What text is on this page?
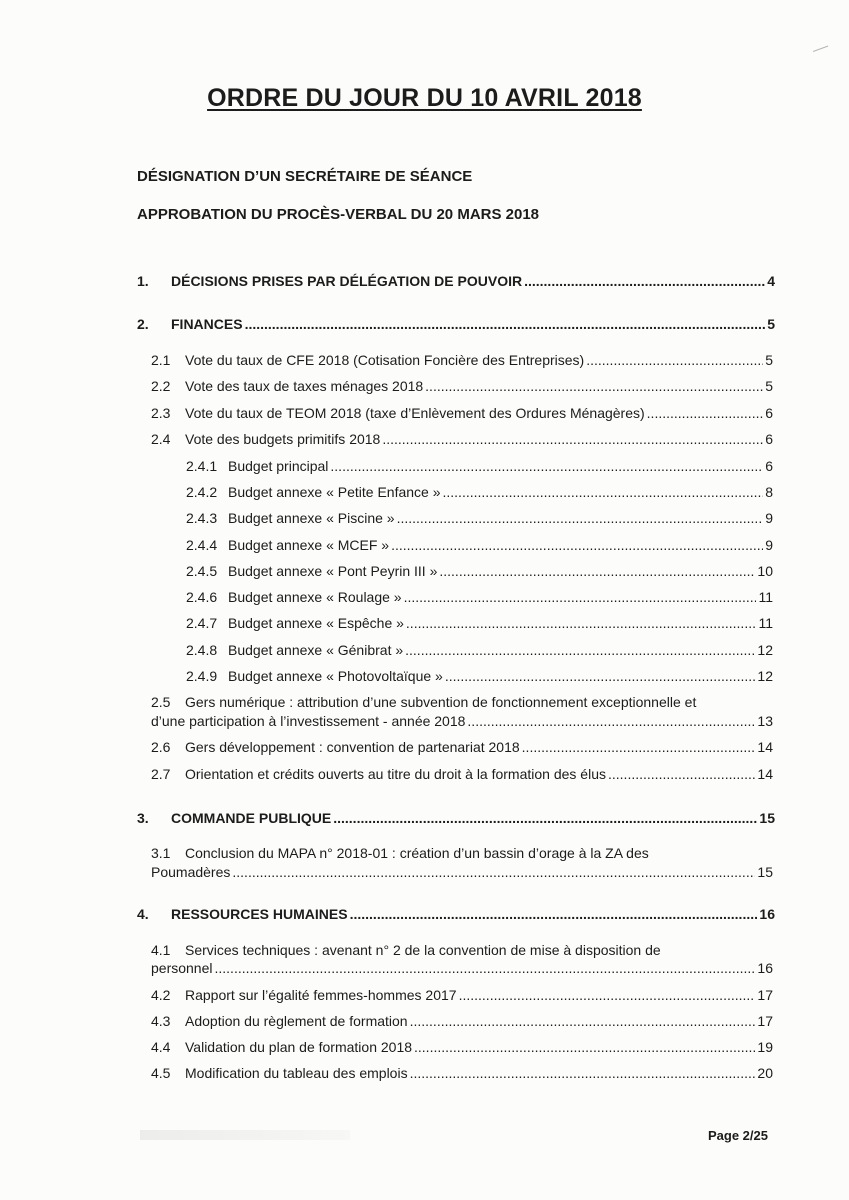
ORDRE DU JOUR DU 10 AVRIL 2018
DÉSIGNATION D’UN SECRÉTAIRE DE SÉANCE
APPROBATION DU PROCÈS-VERBAL DU 20 MARS 2018
1.	DÉCISIONS PRISES PAR DÉLÉGATION DE POUVOIR .....	4
2.	FINANCES .....	5
2.1	Vote du taux de CFE 2018 (Cotisation Foncière des Entreprises) .....	5
2.2	Vote des taux de taxes ménages 2018 .....	5
2.3	Vote du taux de TEOM 2018 (taxe d’Enlèvement des Ordures Ménagères) .....	6
2.4	Vote des budgets primitifs 2018 .....	6
2.4.1 Budget principal .....	6
2.4.2 Budget annexe « Petite Enfance » .....	8
2.4.3 Budget annexe « Piscine » .....	9
2.4.4 Budget annexe « MCEF » .....	9
2.4.5 Budget annexe « Pont Peyrin III » .....	10
2.4.6 Budget annexe « Roulage » .....	11
2.4.7 Budget annexe « Espêche » .....	11
2.4.8 Budget annexe « Génibrat » .....	12
2.4.9 Budget annexe « Photovoltaïque » .....	12
2.5 Gers numérique : attribution d’une subvention de fonctionnement exceptionnelle et
d’une participation à l’investissement - année 2018 .....	13
2.6	Gers développement : convention de partenariat 2018 .....	14
2.7	Orientation et crédits ouverts au titre du droit à la formation des élus .....	14
3.	COMMANDE PUBLIQUE .....	15
3.1 Conclusion du MAPA n° 2018-01 : création d’un bassin d’orage à la ZA des
Poumadères .....	15
4.	RESSOURCES HUMAINES .....	16
4.1 Services techniques : avenant n° 2 de la convention de mise à disposition de
personnel .....	16
4.2	Rapport sur l’égalité femmes-hommes 2017 .....	17
4.3	Adoption du règlement de formation .....	17
4.4	Validation du plan de formation 2018 .....	19
4.5	Modification du tableau des emplois .....	20
Page 2/25
